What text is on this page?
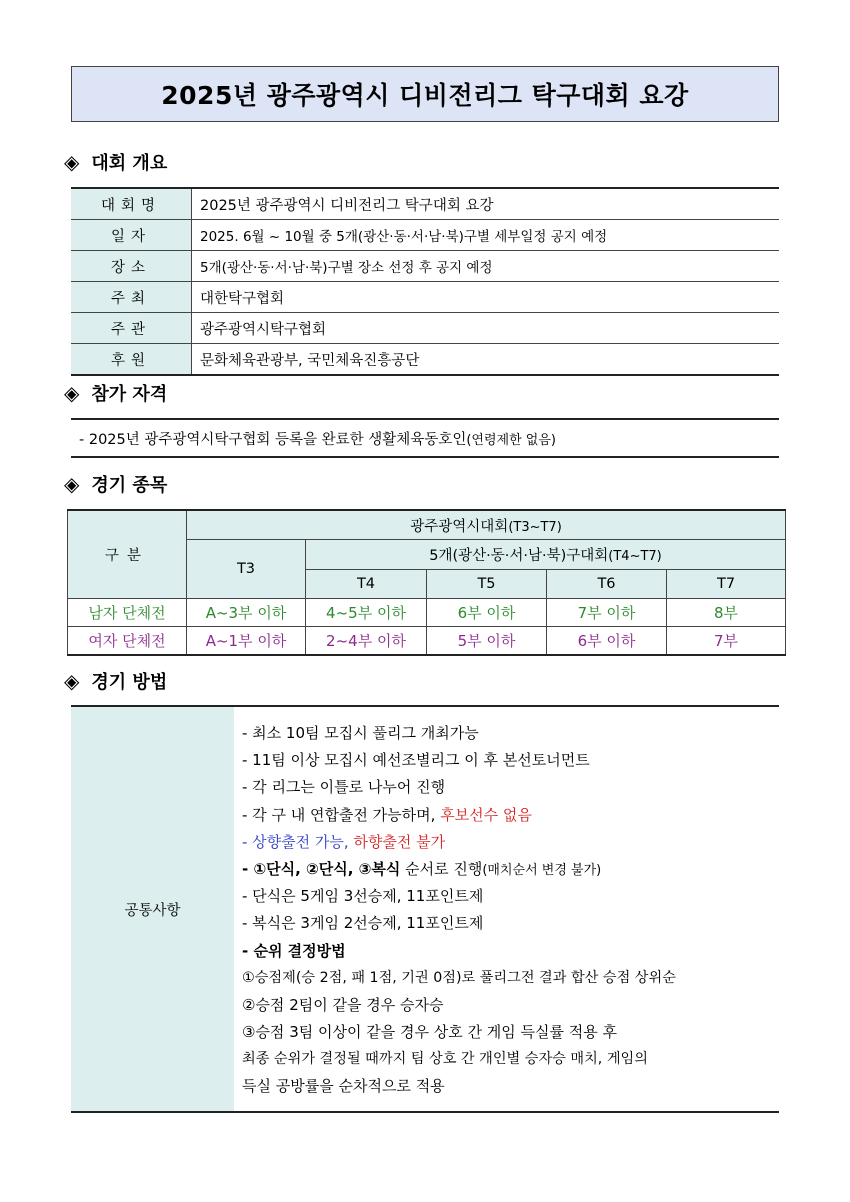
2025년 광주광역시 디비전리그 탁구대회 요강
◈ 대회 개요
대회명	2025년 광주광역시 디비전리그 탁구대회 요강
일자	2025. 6월 ~ 10월 중 5개(광산·동·서·남·북)구별 세부일정 공지 예정
장소	5개(광산·동·서·남·북)구별 장소 선정 후 공지 예정
주최	대한탁구협회
주관	광주광역시탁구협회
후원	문화체육관광부, 국민체육진흥공단
◈ 참가 자격
- 2025년 광주광역시탁구협회 등록을 완료한 생활체육동호인 (연령제한 없음)
◈ 경기 종목
구분	광주광역시대회(T3~T7)				
	T3	5개(광산·동·서·남·북)구대회(T4~T7)			
		T4	T5	T6	T7
남자 단체전	A~3부 이하	4~5부 이하	6부 이하	7부 이하	8부
여자 단체전	A~1부 이하	2~4부 이하	5부 이하	6부 이하	7부
◈ 경기 방법
공통사항
- 최소 10팀 모집시 풀리그 개최가능
- 11팀 이상 모집시 예선조별리그 이 후 본선토너먼트
- 각 리그는 이틀로 나누어 진행
- 각 구 내 연합출전 가능하며, 후보선수 없음
- 상향출전 가능, 하향출전 불가
- ①단식, ②단식, ③복식 순서로 진행(매치순서 변경 불가)
- 단식은 5게임 3선승제, 11포인트제
- 복식은 3게임 2선승제, 11포인트제
- 순위 결정방법
①승점제(승 2점, 패 1점, 기권 0점)로 풀리그전 결과 합산 승점 상위순
②승점 2팀이 같을 경우 승자승
③승점 3팀 이상이 같을 경우 상호 간 게임 득실률 적용 후
최종 순위가 결정될 때까지 팀 상호 간 개인별 승자승 매치, 게임의
득실 공방률을 순차적으로 적용
